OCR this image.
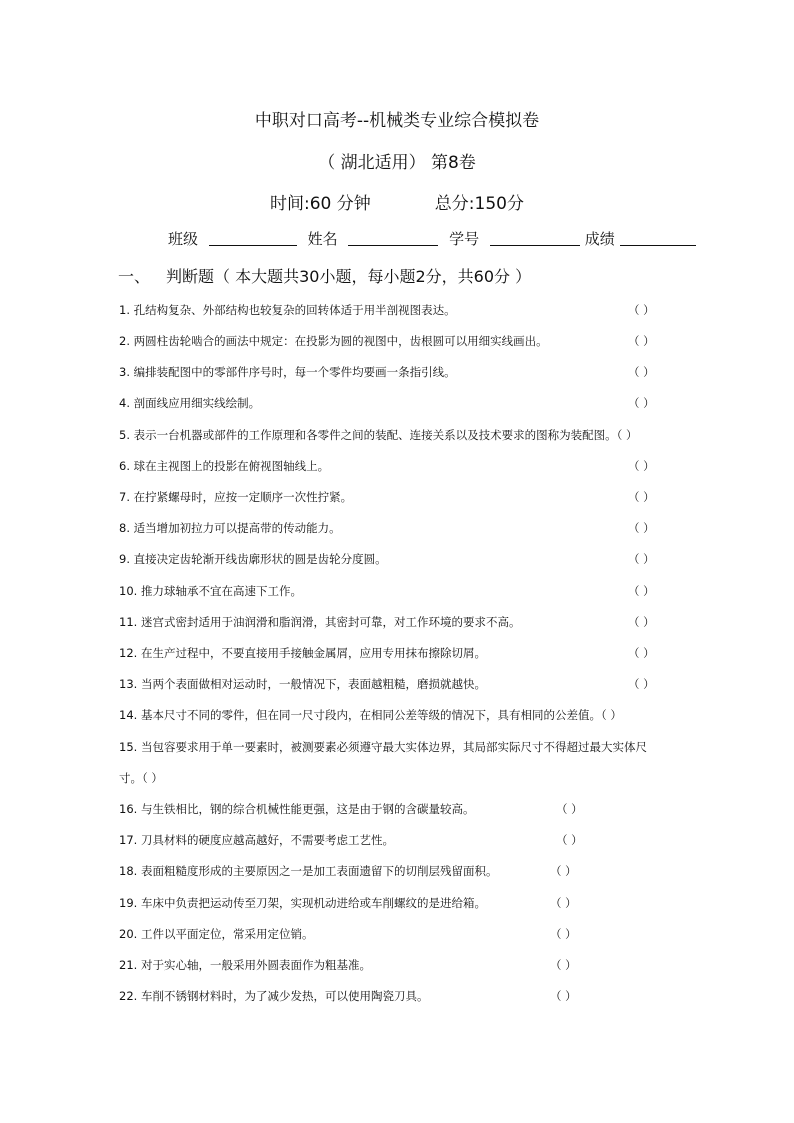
中职对口高考--机械类专业综合模拟卷
（ 湖北适用） 第8卷
时间:60 分钟	总分:150分
班级	姓名	学号	成绩
一、 判断题（ 本大题共30小题，每小题2分，共60分 ）
1. 孔结构复杂、外部结构也较复杂的回转体适于用半剖视图表达。	（ ）
2. 两圆柱齿轮啮合的画法中规定：在投影为圆的视图中，齿根圆可以用细实线画出。	（ ）
3. 编排装配图中的零部件序号时，每一个零件均要画一条指引线。	（ ）
4. 剖面线应用细实线绘制。	（ ）
5. 表示一台机器或部件的工作原理和各零件之间的装配、连接关系以及技术要求的图称为装配图。（ ）
6. 球在主视图上的投影在俯视图轴线上。	（ ）
7. 在拧紧螺母时，应按一定顺序一次性拧紧。	（ ）
8. 适当增加初拉力可以提高带的传动能力。	（ ）
9. 直接决定齿轮渐开线齿廓形状的圆是齿轮分度圆。	（ ）
10. 推力球轴承不宜在高速下工作。	（ ）
11. 迷宫式密封适用于油润滑和脂润滑，其密封可靠，对工作环境的要求不高。	（ ）
12. 在生产过程中，不要直接用手接触金属屑，应用专用抹布擦除切屑。	（ ）
13. 当两个表面做相对运动时，一般情况下，表面越粗糙，磨损就越快。	（ ）
14. 基本尺寸不同的零件，但在同一尺寸段内，在相同公差等级的情况下，具有相同的公差值。（ ）
15. 当包容要求用于单一要素时，被测要素必须遵守最大实体边界，其局部实际尺寸不得超过最大实体尺
寸。（ ）
16. 与生铁相比，钢的综合机械性能更强，这是由于钢的含碳量较高。	（ ）
17. 刀具材料的硬度应越高越好，不需要考虑工艺性。	（ ）
18. 表面粗糙度形成的主要原因之一是加工表面遗留下的切削层残留面积。	（ ）
19. 车床中负责把运动传至刀架，实现机动进给或车削螺纹的是进给箱。	（ ）
20. 工件以平面定位，常采用定位销。	（ ）
21. 对于实心轴，一般采用外圆表面作为粗基准。	（ ）
22. 车削不锈钢材料时，为了减少发热，可以使用陶瓷刀具。	（ ）
